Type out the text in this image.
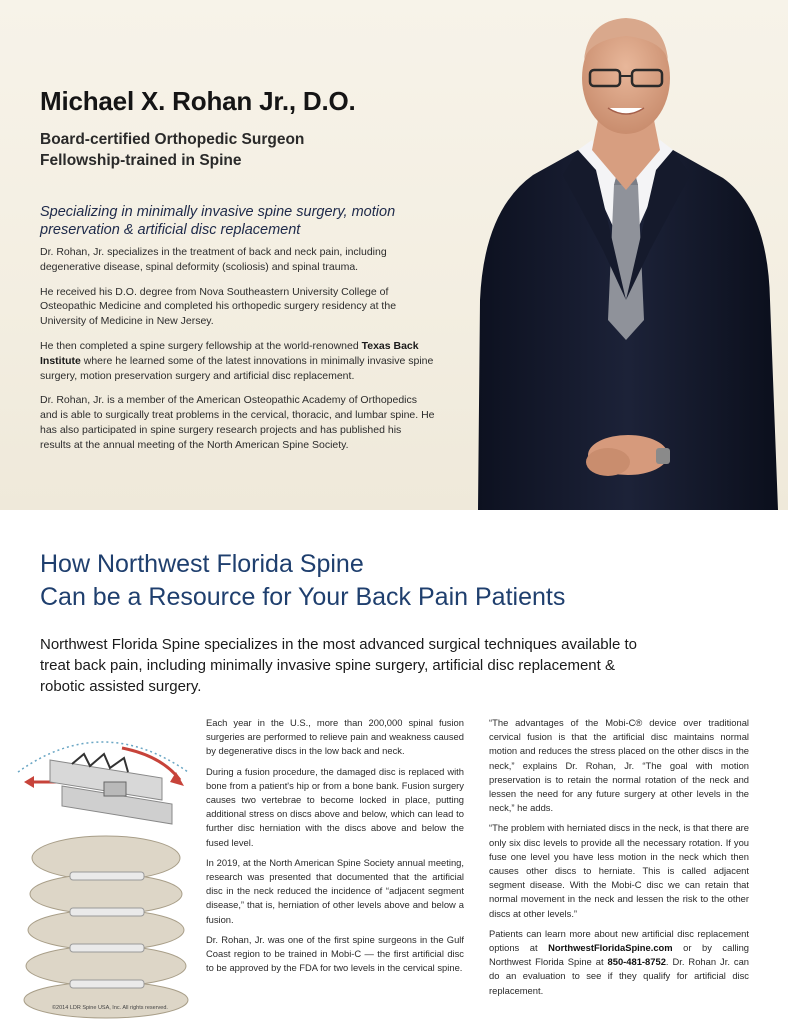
Michael X. Rohan Jr., D.O.
Board-certified Orthopedic Surgeon
Fellowship-trained in Spine
Specializing in minimally invasive spine surgery, motion preservation & artificial disc replacement

Dr. Rohan, Jr. specializes in the treatment of back and neck pain, including degenerative disease, spinal deformity (scoliosis) and spinal trauma.

He received his D.O. degree from Nova Southeastern University College of Osteopathic Medicine and completed his orthopedic surgery residency at the University of Medicine in New Jersey.

He then completed a spine surgery fellowship at the world-renowned Texas Back Institute where he learned some of the latest innovations in minimally invasive spine surgery, motion preservation surgery and artificial disc replacement.

Dr. Rohan, Jr. is a member of the American Osteopathic Academy of Orthopedics and is able to surgically treat problems in the cervical, thoracic, and lumbar spine. He has also participated in spine surgery research projects and has published his results at the annual meeting of the North American Spine Society.

How Northwest Florida Spine
Can be a Resource for Your Back Pain Patients

Northwest Florida Spine specializes in the most advanced surgical techniques available to treat back pain, including minimally invasive spine surgery, artificial disc replacement & robotic assisted surgery.

©2014 LDR Spine USA, Inc. All rights reserved.

Each year in the U.S., more than 200,000 spinal fusion surgeries are performed to relieve pain and weakness caused by degenerative discs in the low back and neck.

During a fusion procedure, the damaged disc is replaced with bone from a patient's hip or from a bone bank. Fusion surgery causes two vertebrae to become locked in place, putting additional stress on discs above and below, which can lead to further disc herniation with the discs above and below the fused level.

In 2019, at the North American Spine Society annual meeting, research was presented that documented that the artificial disc in the neck reduced the incidence of “adjacent segment disease,” that is, herniation of other levels above and below a fusion.

Dr. Rohan, Jr. was one of the first spine surgeons in the Gulf Coast region to be trained in Mobi-C — the first artificial disc to be approved by the FDA for two levels in the cervical spine.

“The advantages of the Mobi-C® device over traditional cervical fusion is that the artificial disc maintains normal motion and reduces the stress placed on the other discs in the neck,” explains Dr. Rohan, Jr. “The goal with motion preservation is to retain the normal rotation of the neck and lessen the need for any future surgery at other levels in the neck,” he adds.

“The problem with herniated discs in the neck, is that there are only six disc levels to provide all the necessary rotation. If you fuse one level you have less motion in the neck which then causes other discs to herniate. This is called adjacent segment disease. With the Mobi-C disc we can retain that normal movement in the neck and lessen the risk to the other discs at other levels.”

Patients can learn more about new artificial disc replacement options at NorthwestFloridaSpine.com or by calling Northwest Florida Spine at 850-481-8752. Dr. Rohan Jr. can do an evaluation to see if they qualify for artificial disc replacement.
